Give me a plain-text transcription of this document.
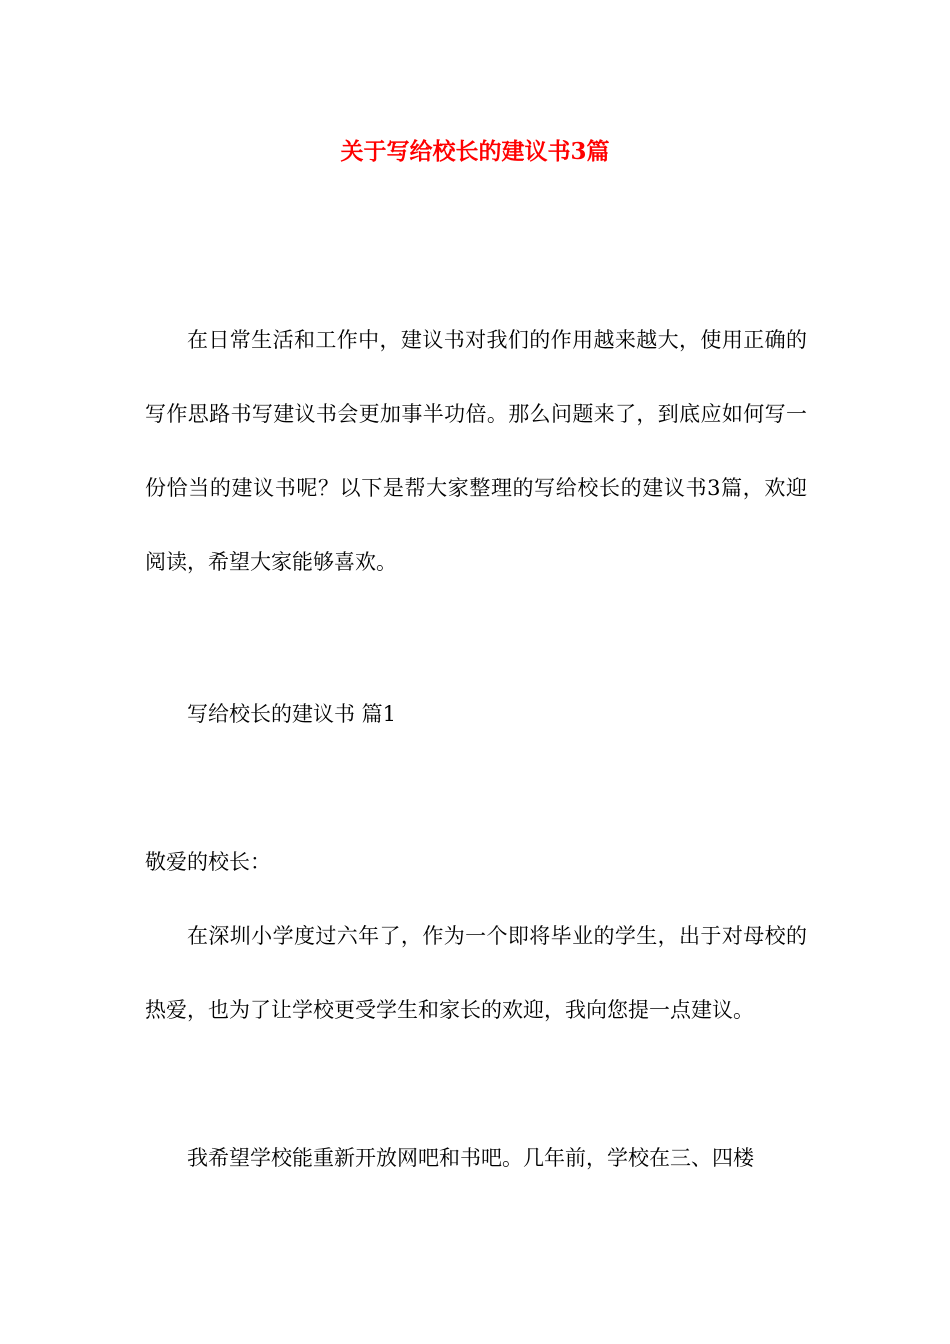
关于写给校长的建议书3篇

在日常生活和工作中，建议书对我们的作用越来越大，使用正确的写作思路书写建议书会更加事半功倍。那么问题来了，到底应如何写一份恰当的建议书呢？以下是帮大家整理的写给校长的建议书3篇，欢迎阅读，希望大家能够喜欢。

写给校长的建议书 篇1

敬爱的校长：

在深圳小学度过六年了，作为一个即将毕业的学生，出于对母校的热爱，也为了让学校更受学生和家长的欢迎，我向您提一点建议。

我希望学校能重新开放网吧和书吧。几年前，学校在三、四楼
